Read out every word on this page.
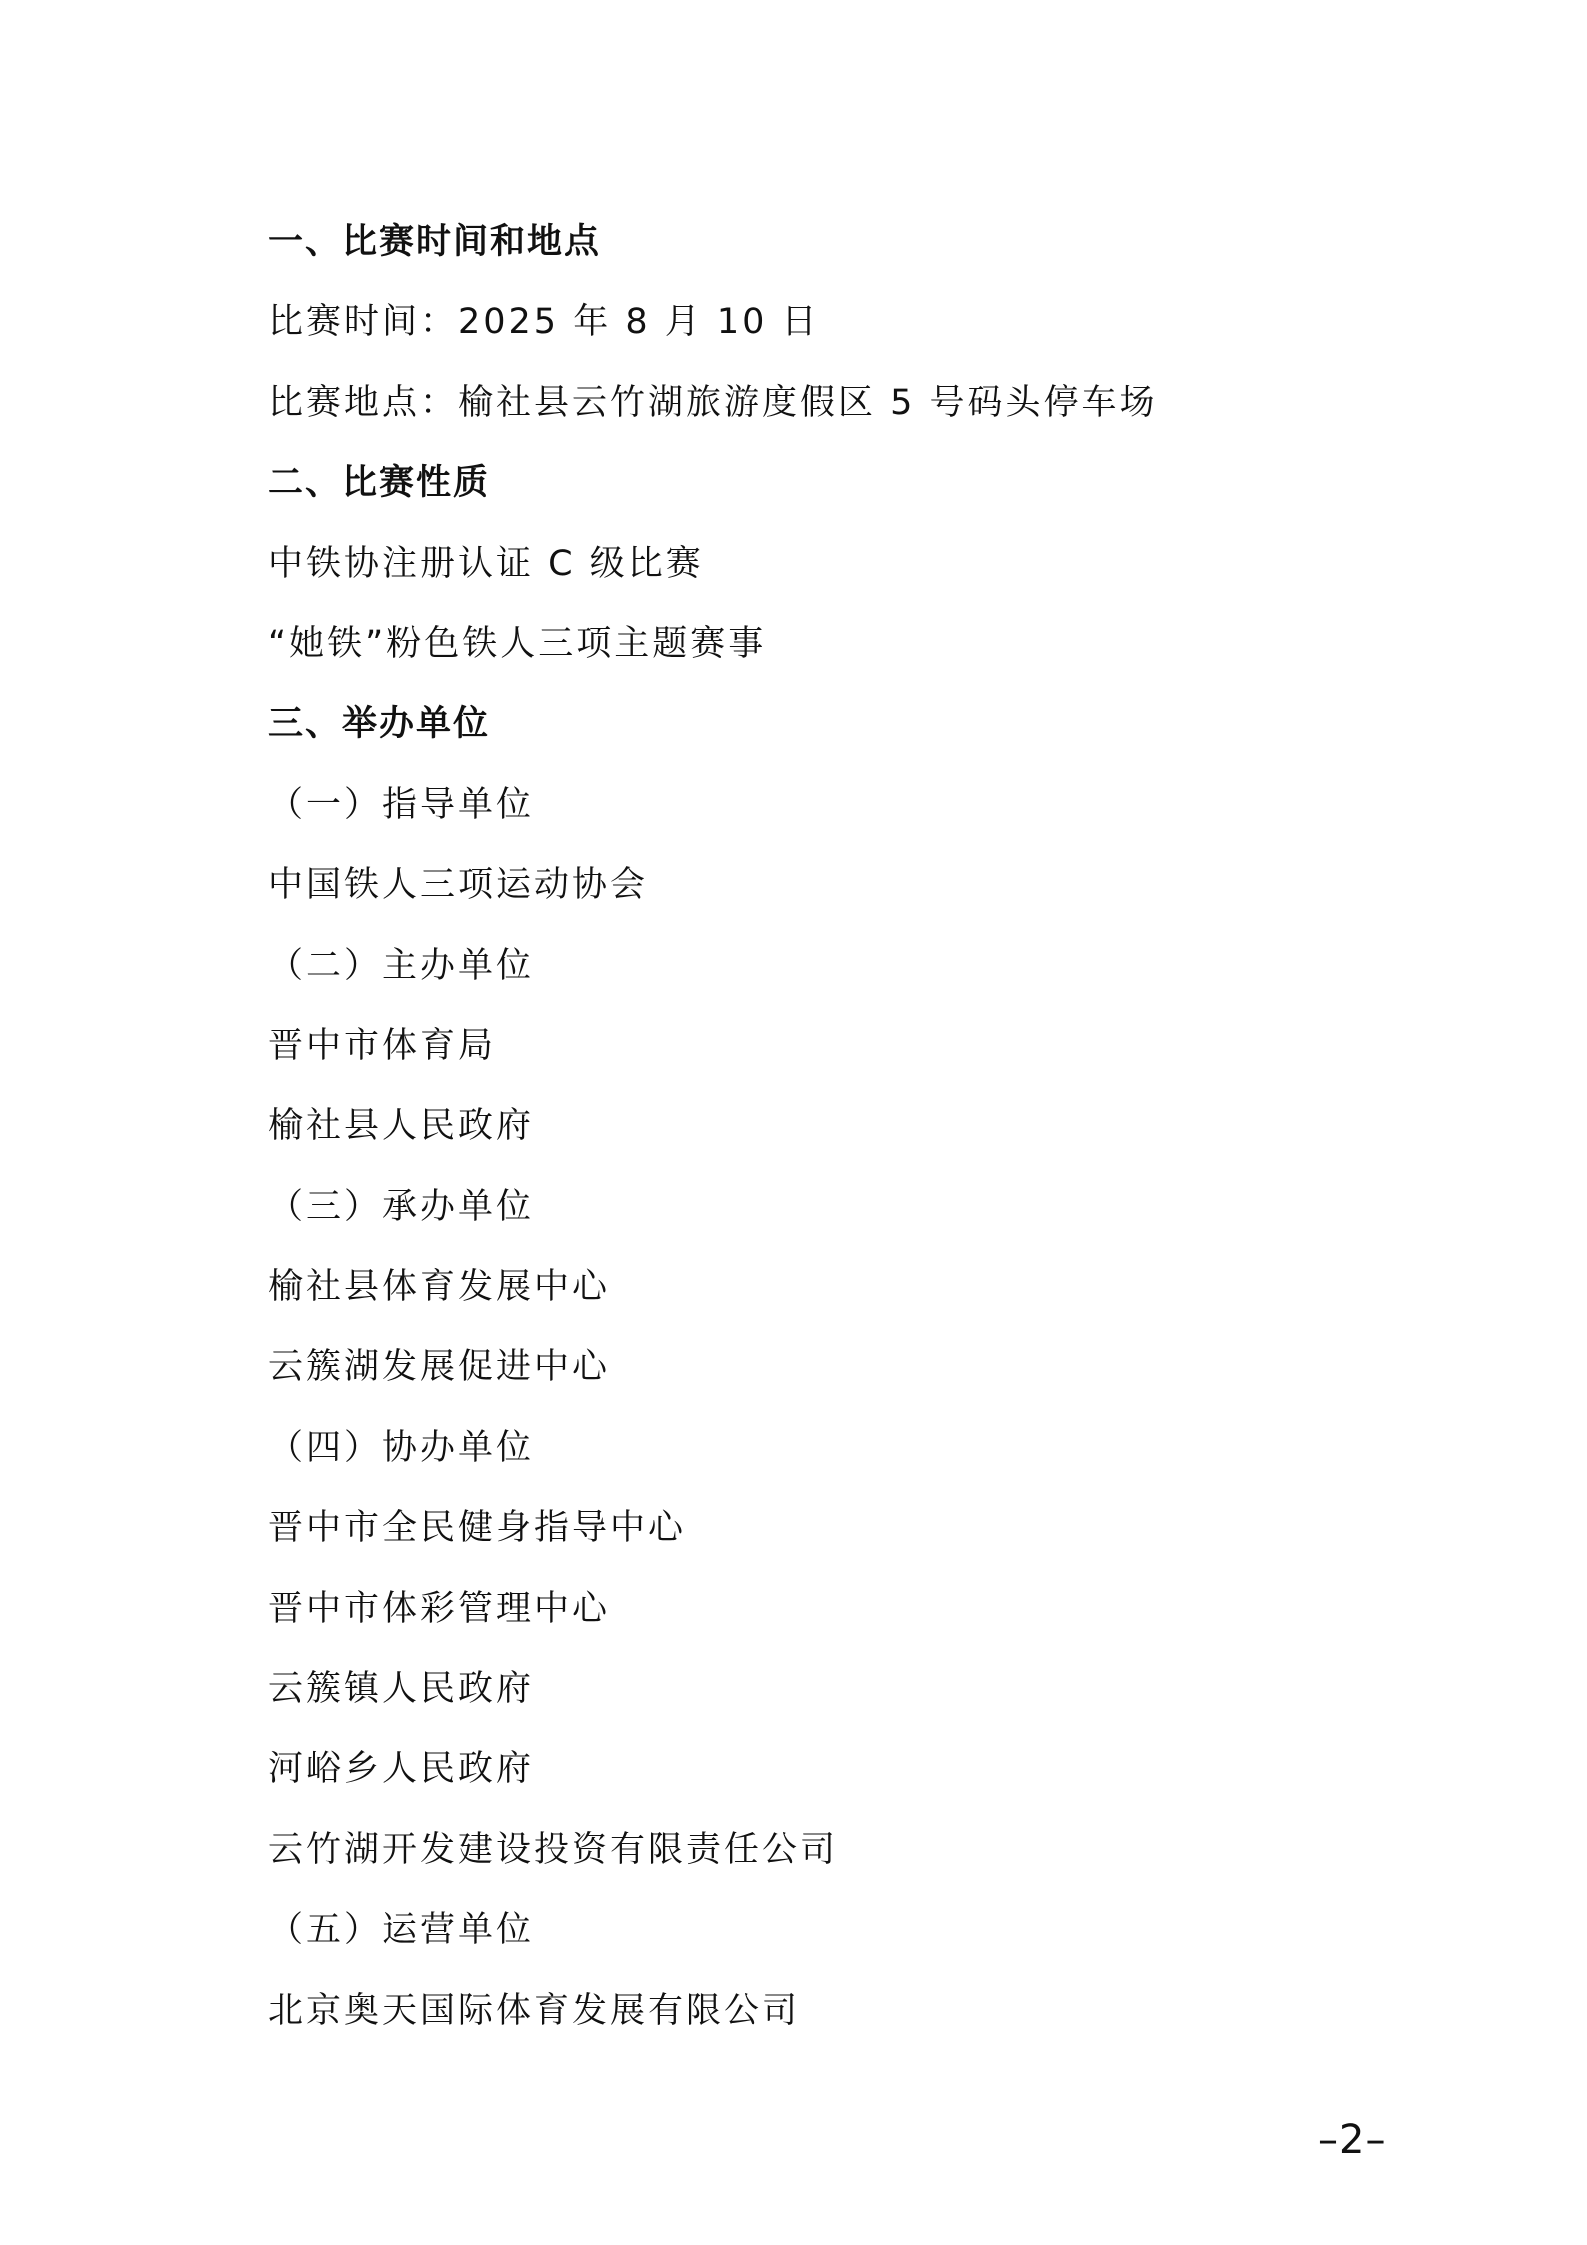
一、比赛时间和地点
比赛时间：2025 年 8 月 10 日
比赛地点：榆社县云竹湖旅游度假区 5 号码头停车场
二、比赛性质
中铁协注册认证 C 级比赛
“她铁”粉色铁人三项主题赛事
三、举办单位
（一）指导单位
中国铁人三项运动协会
（二）主办单位
晋中市体育局
榆社县人民政府
（三）承办单位
榆社县体育发展中心
云簇湖发展促进中心
（四）协办单位
晋中市全民健身指导中心
晋中市体彩管理中心
云簇镇人民政府
河峪乡人民政府
云竹湖开发建设投资有限责任公司
（五）运营单位
北京奥天国际体育发展有限公司
–2–
